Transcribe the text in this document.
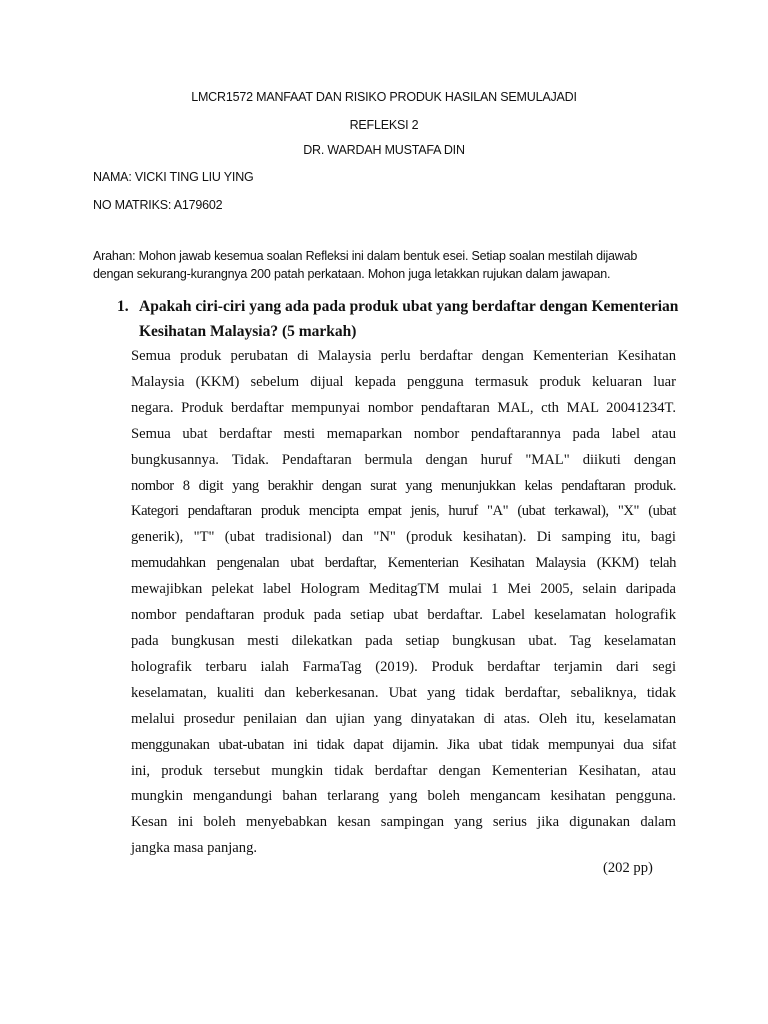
LMCR1572 MANFAAT DAN RISIKO PRODUK HASILAN SEMULAJADI
REFLEKSI 2
DR. WARDAH MUSTAFA DIN
NAMA: VICKI TING LIU YING
NO MATRIKS: A179602
Arahan: Mohon jawab kesemua soalan Refleksi ini dalam bentuk esei. Setiap soalan mestilah dijawab dengan sekurang-kurangnya 200 patah perkataan. Mohon juga letakkan rujukan dalam jawapan.
1. Apakah ciri-ciri yang ada pada produk ubat yang berdaftar dengan Kementerian
Kesihatan Malaysia? (5 markah)
Semua produk perubatan di Malaysia perlu berdaftar dengan Kementerian Kesihatan
Malaysia (KKM) sebelum dijual kepada pengguna termasuk produk keluaran luar
negara. Produk berdaftar mempunyai nombor pendaftaran MAL, cth MAL 20041234T.
Semua ubat berdaftar mesti memaparkan nombor pendaftarannya pada label atau
bungkusannya. Tidak. Pendaftaran bermula dengan huruf "MAL" diikuti dengan
nombor 8 digit yang berakhir dengan surat yang menunjukkan kelas pendaftaran produk.
Kategori pendaftaran produk mencipta empat jenis, huruf "A" (ubat terkawal), "X" (ubat
generik), "T" (ubat tradisional) dan "N" (produk kesihatan). Di samping itu, bagi
memudahkan pengenalan ubat berdaftar, Kementerian Kesihatan Malaysia (KKM) telah
mewajibkan pelekat label Hologram MeditagTM mulai 1 Mei 2005, selain daripada
nombor pendaftaran produk pada setiap ubat berdaftar. Label keselamatan holografik
pada bungkusan mesti dilekatkan pada setiap bungkusan ubat. Tag keselamatan
holografik terbaru ialah FarmaTag (2019). Produk berdaftar terjamin dari segi
keselamatan, kualiti dan keberkesanan. Ubat yang tidak berdaftar, sebaliknya, tidak
melalui prosedur penilaian dan ujian yang dinyatakan di atas. Oleh itu, keselamatan
menggunakan ubat-ubatan ini tidak dapat dijamin. Jika ubat tidak mempunyai dua sifat
ini, produk tersebut mungkin tidak berdaftar dengan Kementerian Kesihatan, atau
mungkin mengandungi bahan terlarang yang boleh mengancam kesihatan pengguna.
Kesan ini boleh menyebabkan kesan sampingan yang serius jika digunakan dalam
jangka masa panjang.
(202 pp)
